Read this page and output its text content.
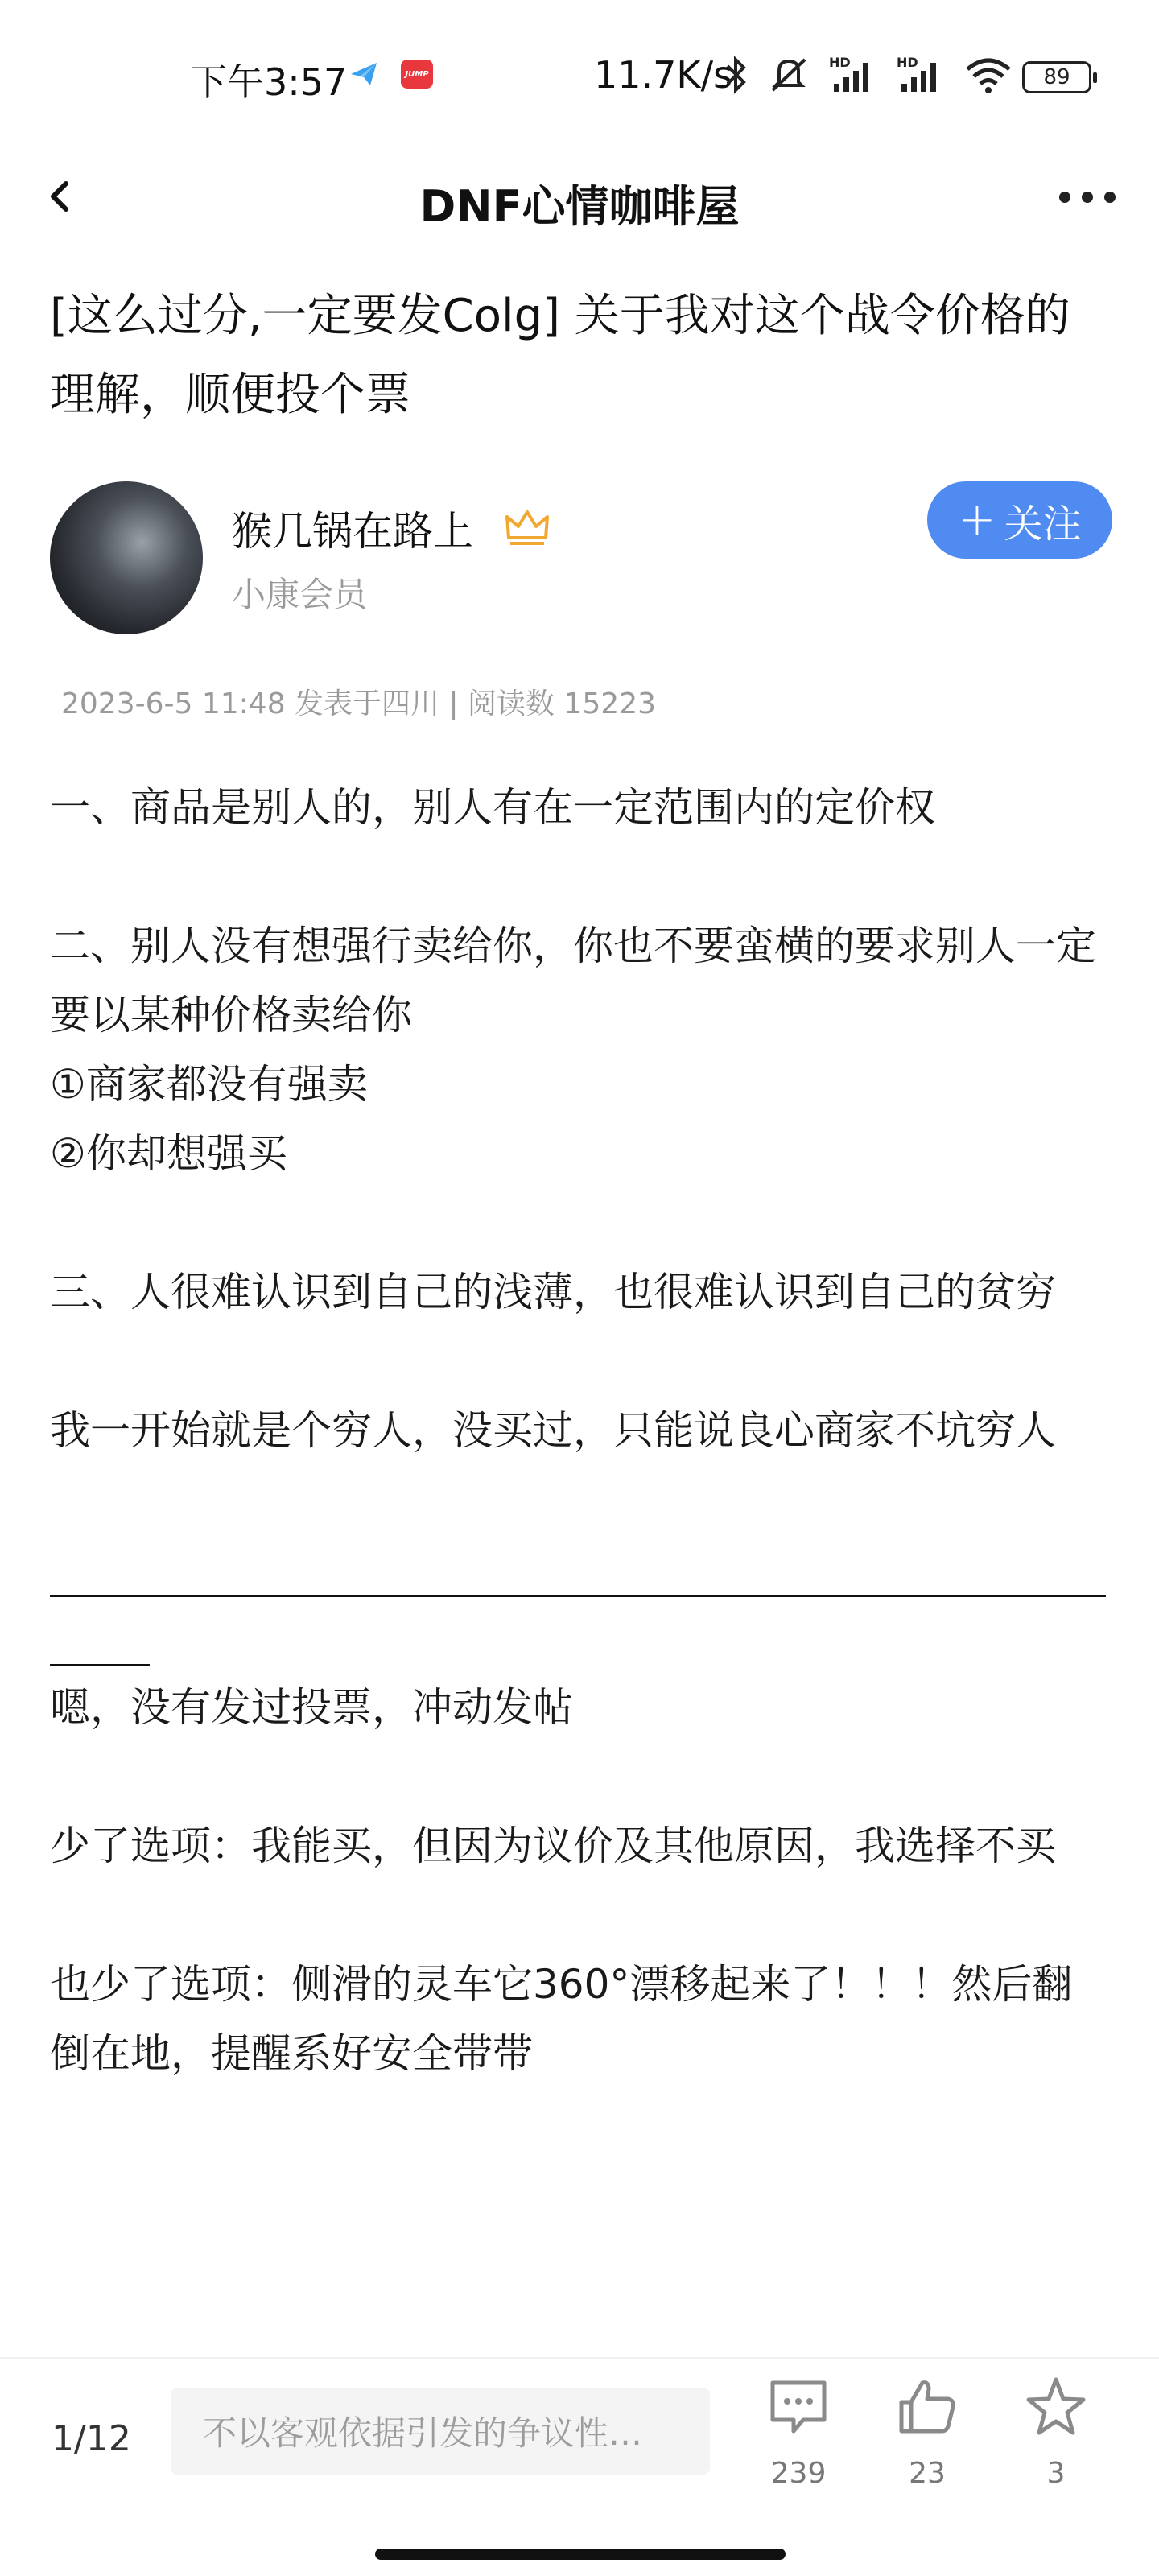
下午3:57	JUMP	11.7K/s	HD	HD
89
DNF心情咖啡屋
[这么过分,一定要发Colg] 关于我对这个战令价格的理解，顺便投个票
猴几锅在路上
小康会员
+ 关注
2023-6-5 11:48 发表于四川 | 阅读数 15223
一、商品是别人的，别人有在一定范围内的定价权
二、别人没有想强行卖给你，你也不要蛮横的要求别人一定要以某种价格卖给你
①商家都没有强卖
②你却想强买
三、人很难认识到自己的浅薄，也很难认识到自己的贫穷
我一开始就是个穷人，没买过，只能说良心商家不坑穷人
嗯，没有发过投票，冲动发帖
少了选项：我能买，但因为议价及其他原因，我选择不买
也少了选项：侧滑的灵车它360°漂移起来了！！！然后翻倒在地，提醒系好安全带带
1/12	不以客观依据引发的争议性…
239	23	3
